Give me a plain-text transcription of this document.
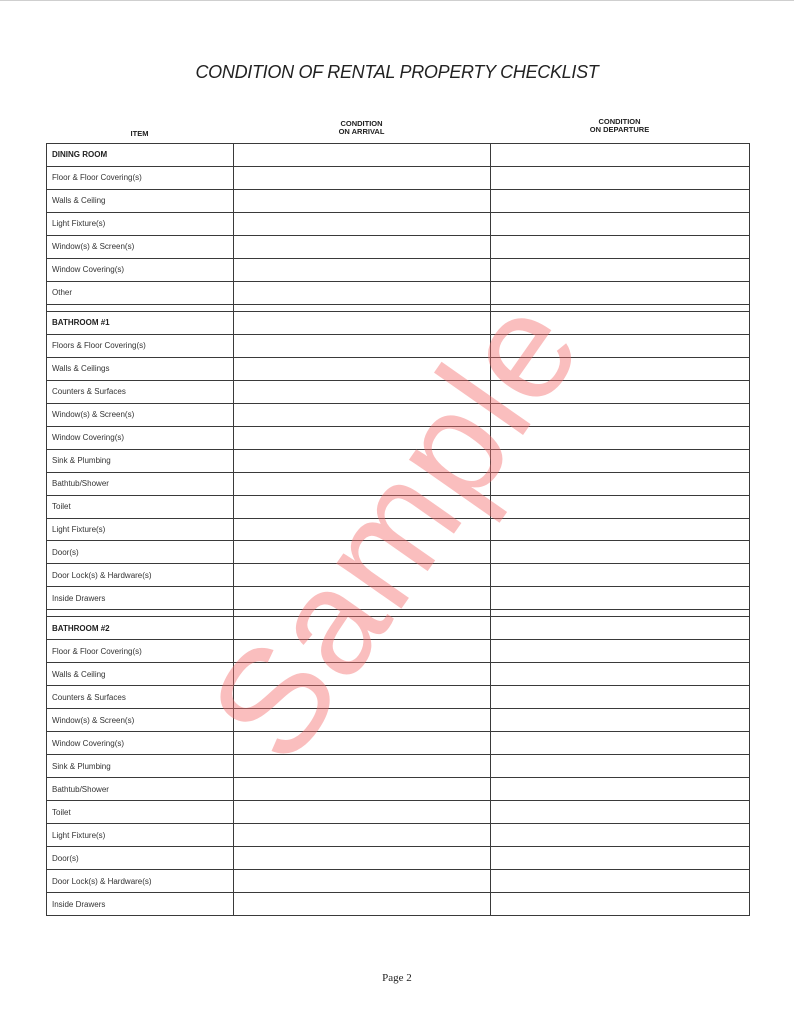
CONDITION OF RENTAL PROPERTY CHECKLIST
ITEM
CONDITION
ON ARRIVAL
CONDITION
ON DEPARTURE
DINING ROOM		
Floor & Floor Covering(s)		
Walls & Ceiling		
Light Fixture(s)		
Window(s) & Screen(s)		
Window Covering(s)		
Other		

BATHROOM #1		
Floors & Floor Covering(s)		
Walls & Ceilings		
Counters & Surfaces		
Window(s) & Screen(s)		
Window Covering(s)		
Sink & Plumbing		
Bathtub/Shower		
Toilet		
Light Fixture(s)		
Door(s)		
Door Lock(s) & Hardware(s)		
Inside Drawers		

BATHROOM #2		
Floor & Floor Covering(s)		
Walls & Ceiling		
Counters & Surfaces		
Window(s) & Screen(s)		
Window Covering(s)		
Sink & Plumbing		
Bathtub/Shower		
Toilet		
Light Fixture(s)		
Door(s)		
Door Lock(s) & Hardware(s)		
Inside Drawers		
Sample
Page 2
